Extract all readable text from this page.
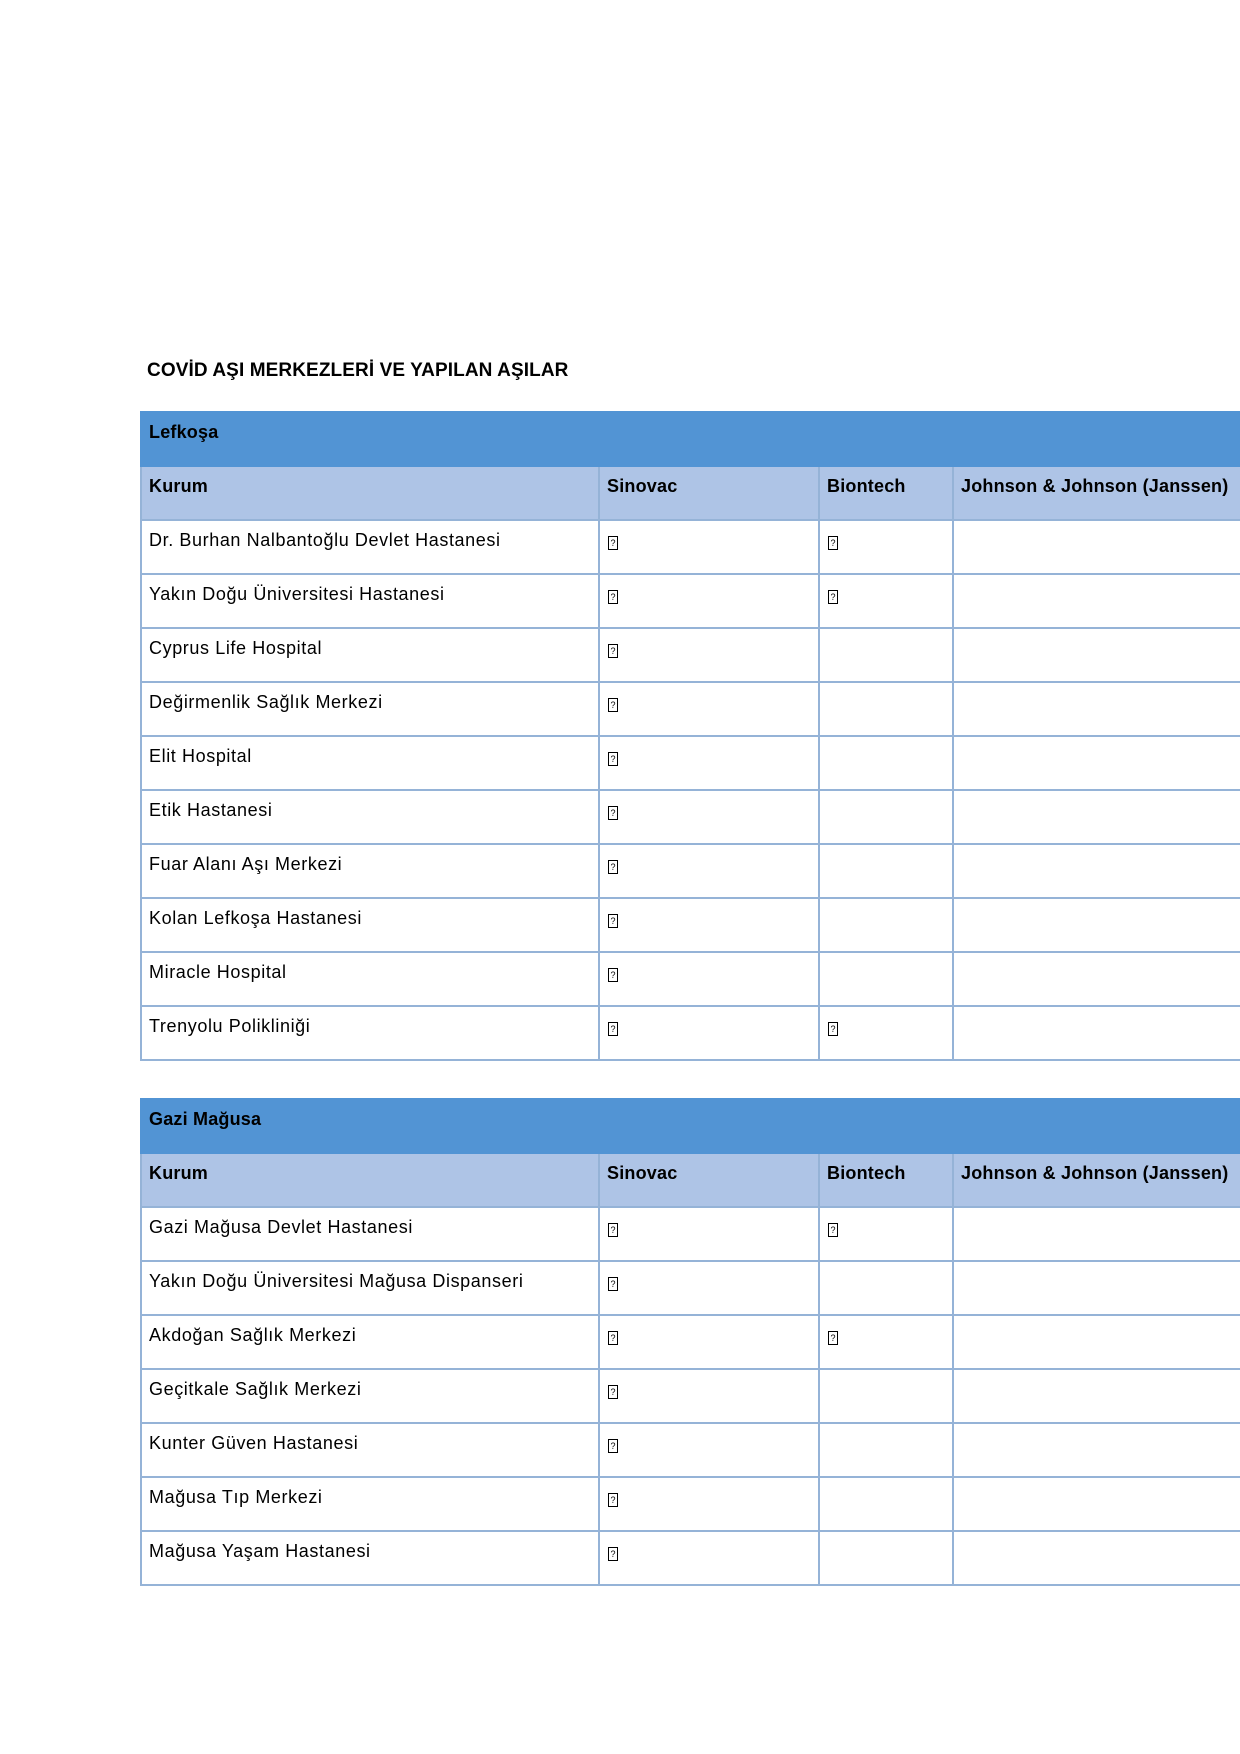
COVİD AŞI MERKEZLERİ VE YAPILAN AŞILAR
Lefkoşa			
Kurum	Sinovac	Biontech	Johnson & Johnson (Janssen)
Dr. Burhan Nalbantoğlu Devlet Hastanesi	?	?	
Yakın Doğu Üniversitesi Hastanesi	?	?	
Cyprus Life Hospital	?		
Değirmenlik Sağlık Merkezi	?		
Elit Hospital	?		
Etik Hastanesi	?		
Fuar Alanı Aşı Merkezi	?		
Kolan Lefkoşa Hastanesi	?		
Miracle Hospital	?		
Trenyolu Polikliniği	?	?	
Gazi Mağusa			
Kurum	Sinovac	Biontech	Johnson & Johnson (Janssen)
Gazi Mağusa Devlet Hastanesi	?	?	
Yakın Doğu Üniversitesi Mağusa Dispanseri	?		
Akdoğan Sağlık Merkezi	?	?	
Geçitkale Sağlık Merkezi	?		
Kunter Güven Hastanesi	?		
Mağusa Tıp Merkezi	?		
Mağusa Yaşam Hastanesi	?		
